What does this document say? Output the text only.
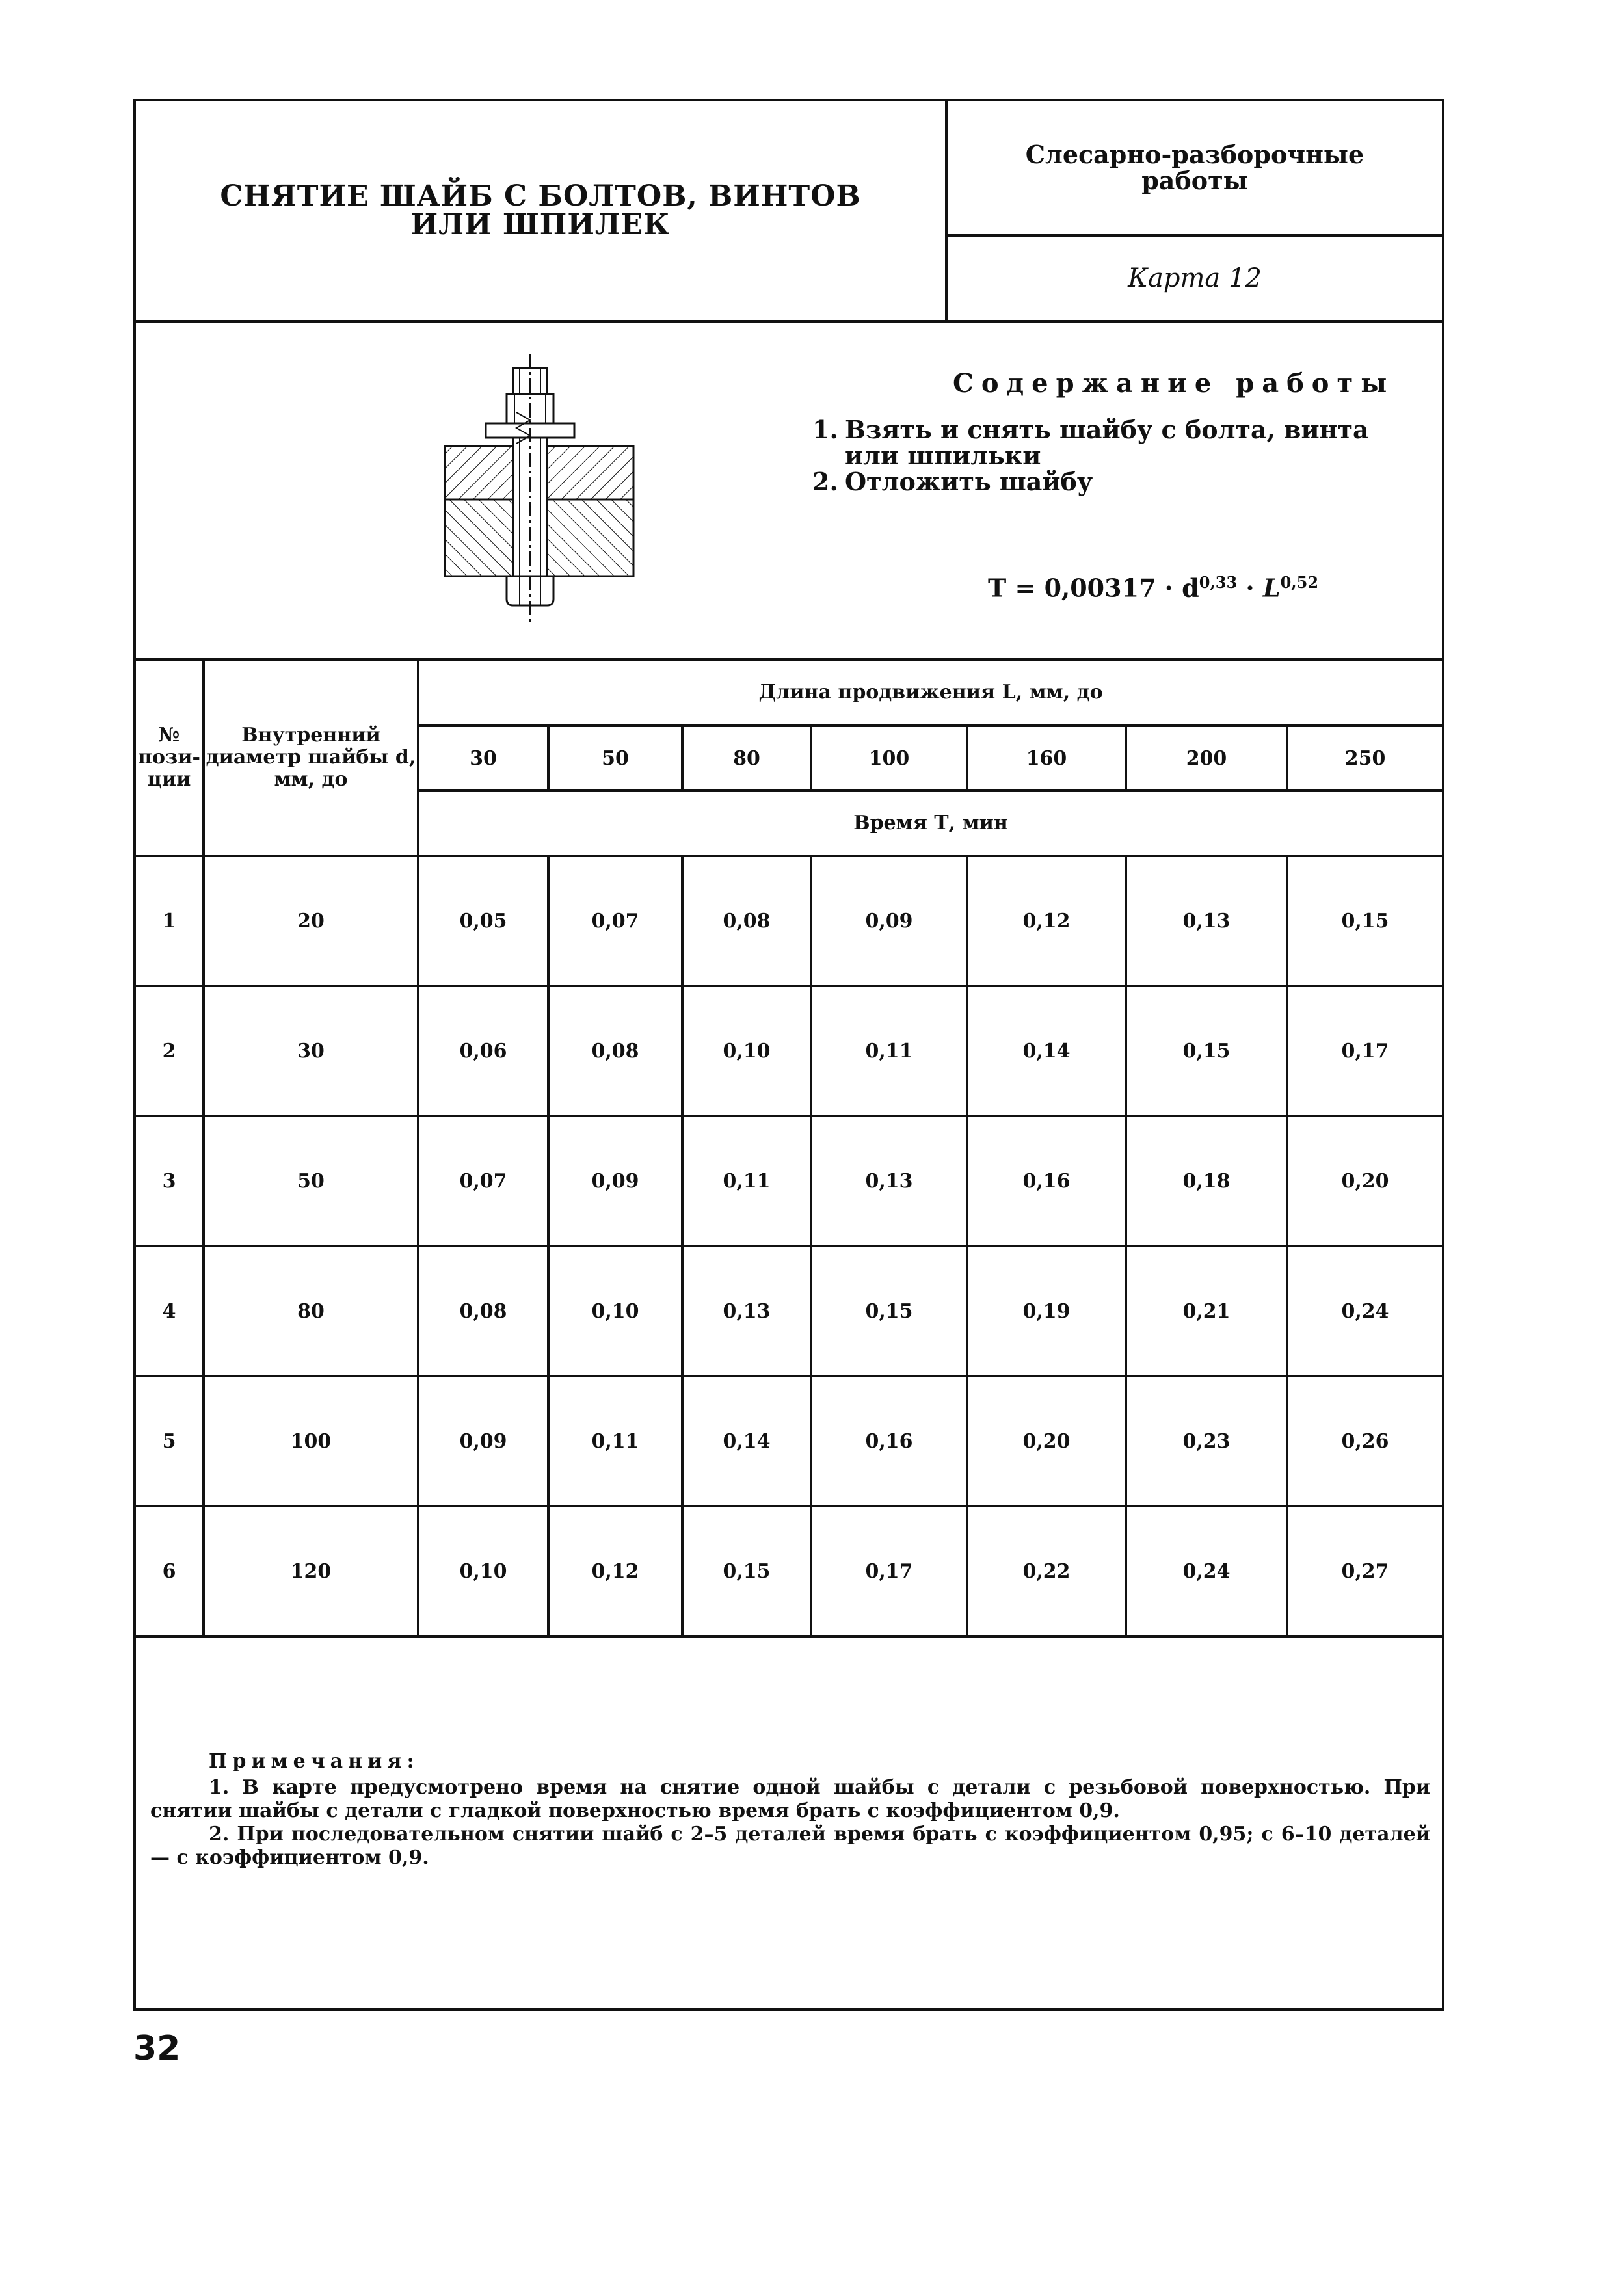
СНЯТИЕ ШАЙБ С БОЛТОВ, ВИНТОВ
ИЛИ ШПИЛЕК
Слесарно-разборочные
работы
Карта 12
Содержание работы
1. Взять и снять шайбу с болта, винта или шпильки
2. Отложить шайбу
$T = 0,00317 \cdot d^{0,33} \cdot L^{0,52}$
№ позиции	Внутренний диаметр шайбы d, мм, до	Длина продвижения L, мм, до						
		30	50	80	100	160	200	250
		Время Т, мин						
1	20	0,05	0,07	0,08	0,09	0,12	0,13	0,15
2	30	0,06	0,08	0,10	0,11	0,14	0,15	0,17
3	50	0,07	0,09	0,11	0,13	0,16	0,18	0,20
4	80	0,08	0,10	0,13	0,15	0,19	0,21	0,24
5	100	0,09	0,11	0,14	0,16	0,20	0,23	0,26
6	120	0,10	0,12	0,15	0,17	0,22	0,24	0,27
Примечания:

1. В карте предусмотрено время на снятие одной шайбы с детали с резьбовой поверхностью. При снятии шайбы с детали с гладкой поверхностью время брать с коэффициентом 0,9.

2. При последовательном снятии шайб с 2–5 деталей время брать с коэффициентом 0,95; с 6–10 деталей — с коэффициентом 0,9.

32
